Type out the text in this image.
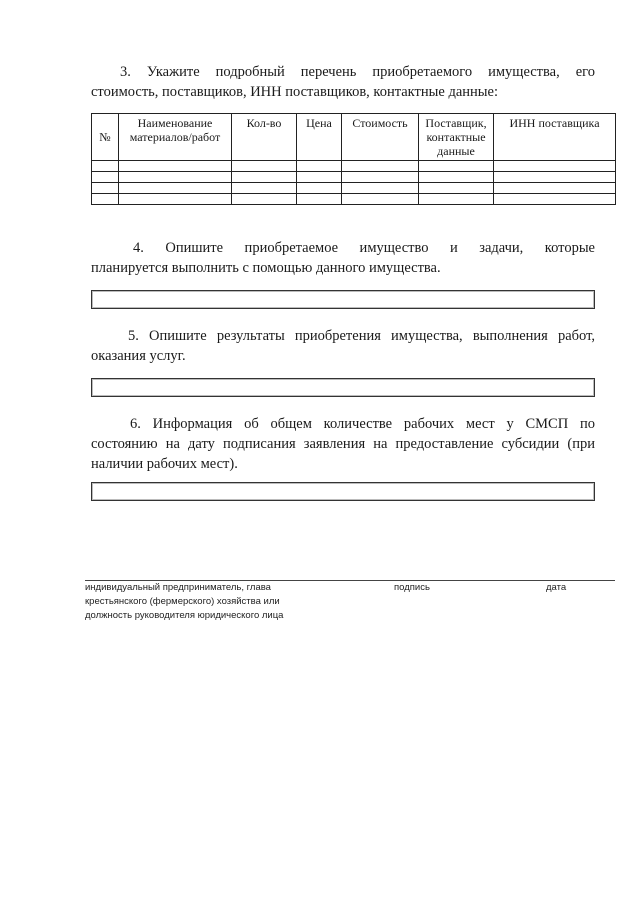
3. Укажите подробный перечень приобретаемого имущества, его
стоимость, поставщиков, ИНН поставщиков, контактные данные:
№	Наименование материалов/работ	Кол-во	Цена	Стоимость	Поставщик, контактные данные	ИНН поставщика

4. Опишите приобретаемое имущество и задачи, которые
планируется выполнить с помощью данного имущества.
5. Опишите результаты приобретения имущества, выполнения работ,
оказания услуг.
6. Информация об общем количестве рабочих мест у СМСП по
состоянию на дату подписания заявления на предоставление субсидии (при
наличии рабочих мест).
индивидуальный предприниматель, глава
крестьянского (фермерского) хозяйства или
должность руководителя юридического лица
подпись	дата
